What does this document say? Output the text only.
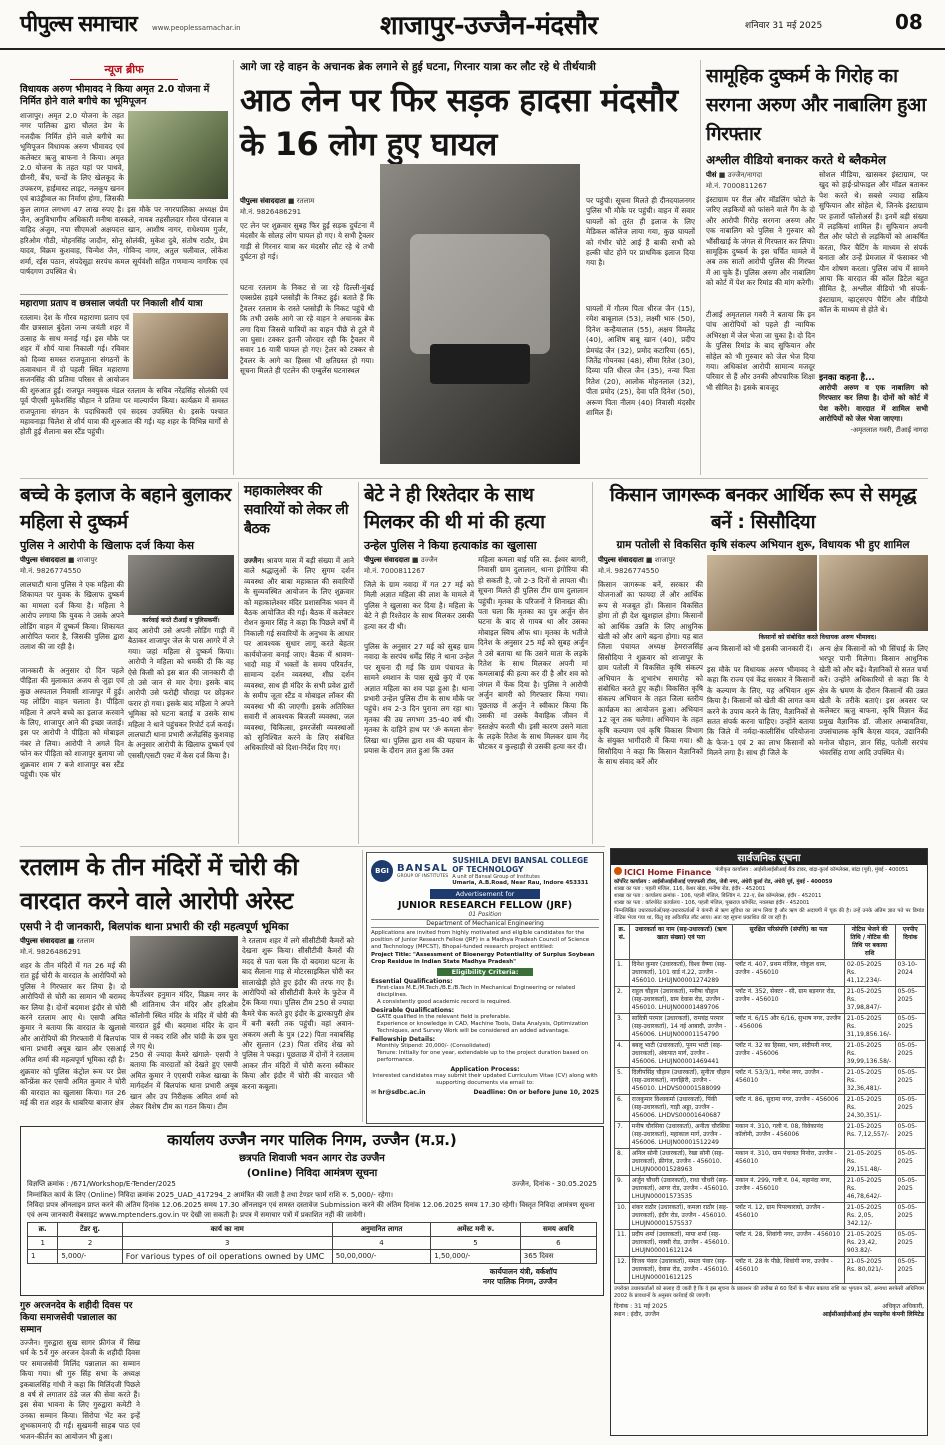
पीपुल्स समाचार www.peoplessamachar.in	शाजापुर-उज्जैन-मंदसौर	शनिवार 31 मई 2025	08
न्यूज ब्रीफ
विधायक अरुण भीमावद ने किया अमृत 2.0 योजना में निर्मित होने वाले बगीचे का भूमिपूजन
शाजापुर। अमृत 2.0 योजना के तहत नगर पालिका द्वारा चौलत डेम के नजदीक निर्मित होने वाले बगीचे का भूमिपूजन विधायक अरुण भीमावद एवं कलेक्टर ऋजु बाफना ने किया। अमृत 2.0 योजना के तहत यहां पर पाथवे, ग्रीनरी, बैंच, चन्दों के लिए खेलकूद के उपकरण, हाईमास्ट लाइट, नलकूप खनन एवं बाउंड्रीवाल का निर्माण होगा, जिसकी कुल लागत लगभग 47 लाख रुपए है। इस मौके पर नगरपालिका अध्यक्ष प्रेम जैन, अनुविभागीय अधिकारी मनीषा वास्कले, नायब तहसीलदार गौरव पोरवाल व वाहिद अंजुम, नपा सीएमओ अक्षयदत्त खान, आशीष नागर, राधेश्याम गुर्जर, हरिओम गौठी, मोहनसिंह जादौन, सोनू सोलंकी, मुकेश दुबे, संतोष राठौर, प्रेम यादव, विक्रम कुशवाह, चिन्मेश जैन, गोविन्द नागर, अतुल चलीवाल, लोकेश शर्मा, रईस पठान, संपदेसूद्रा सरपंच कमल सूर्यवंशी सहित गणमान्य नागरिक एवं पार्षदगण उपस्थित थे।
महाराणा प्रताप व छत्रसाल जयंती पर निकाली शौर्य यात्रा
रतलाम। देश के गौरव महाराणा प्रताप एवं वीर छत्रसाल बुंदेला जन्म जयंती शहर में उत्साह के साथ मनाई गई। इस मौके पर शहर में शौर्य यात्रा निकाली गई। रविवार को दिव्या समस्त राजपूताना संगठनों के तत्वावधान में दो पहली स्थित महाराणा सजनसिंह की प्रतिमा परिसर से आयोजन की शुरुआत हुई। राजपूत नवयुवक मंडल रतलाम के सचिव नरेंद्रसिंह सोलंकी एवं पूर्व पीएसी मुकेशसिंह चौहान ने प्रतिमा पर माल्यार्पण किया। कार्यक्रम में समस्त राजपूताना संगठन के पदाधिकारी एवं सदस्य उपस्थित थे। इसके पश्चात महावनाड़ा चिलेश से शौर्य यात्रा की शुरुआत की गई। यह शहर के विभिन्न मार्गों से होती हुई शैलाना बस स्टैंड पहुंची।
आगे जा रहे वाहन के अचानक ब्रेक लगाने से हुई घटना, गिरनार यात्रा कर लौट रहे थे तीर्थयात्री
आठ लेन पर फिर सड़क हादसा मंदसौर के 16 लोग हुए घायल
पीपुल्स संवाददाता ■ रतलाम
मो.नं. 9826486291
एट लेन पर शुक्रवार सुबह फिर हुई सड़क दुर्घटना में मंदसौर के सोलह लोग घायल हो गए। ये सभी ट्रैवलर गाड़ी से गिरनार यात्रा कर मंदसौर लौट रहे थे तभी दुर्घटना हो गई।
घटना रतलाम के निकट से जा रहे दिल्ली-मुंबई एक्सप्रेस हाइवे प्लसोड़ी के निकट हुई। बताते हैं कि ट्रैवलर रतलाम के रास्ते प्लसोड़ी के निकट पहुंचे थी कि तभी उसके आगे जा रहे वाहन ने अचानक ब्रेक लगा दिया जिससे यात्रियों का वाहन पीछे से टूले में जा घुसा। टक्कर इतनी जोरदार रही कि ट्रैवलर में सवार 16 यात्री घायल हो गए। ट्रेलर को टक्कर से ट्रैवलर के आगे का हिस्सा भी क्षतिग्रस्त हो गया। सूचना मिलते ही एटलेन की एम्बुलेंस घटनास्थल
पर पहुंची। सूचना मिलते ही दीनदयालनगर पुलिस भी मौके पर पहुंची। वाहन में सवार घायलों को तुरंत ही इलाज के लिए मेडिकल कॉलेज लाया गया, कुछ घायलों को गंभीर चोटे आई हैं बाकी सभी को हल्की चोट होने पर प्राथमिक इलाज दिया गया है।
घायलों में गौतम पिता धीरज जैन (15), रमेश बाबूलाल (53), लक्ष्मी भारु (50), दिनेश कन्हैयालाल (55), अक्षय विमलेंद्र (40), आशिष बाबू खान (40), प्रदीप प्रेमचंद्र जैन (32), प्रमोद कटारिया (65), जितेंद्र गोयनका (48), सीमा रितेश (30), दिव्या पति धीरज जैन (35), नन्या पिता रितेश (20), आलोक मोहनलाल (32), पीता प्रमोद (25), देवा पति दिनेश (50), अरूण पिता नीलम (40) निवासी मंदसौर शामिल हैं।
सामूहिक दुष्कर्म के गिरोह का सरगना अरुण और नाबालिग हुआ गिरफ्तार
अश्लील वीडियो बनाकर करते थे ब्लैकमेल
पीसं ■ उज्जैन/नागदा
मो.नं. 7000811267
इंस्टाग्राम पर रील और मॉडलिंग फोटो के जरिए लड़कियों को फांसने वाले गैंग के दो और आरोपी गिरोह सरगना अरुण और एक नाबालिग को पुलिस ने गुरुवार को भौंसीखाई के जंगल से गिरफ्तार कर लिया। सामूहिक दुष्कर्म के इस चर्चित मामले में अब तक सातों आरोपी पुलिस की गिरफ्त में आ चुके हैं। पुलिस अरुण और नाबालिग को कोर्ट में पेश कर रिमांड की मांग करेगी।
टीआई अमृतलाल गवरी ने बताया कि इन पांच आरोपियों को पहले ही न्यायिक अभिरक्षा में जेल भेजा जा चुका है। दो दिन के पुलिस रिमांड के बाद सुफियान और सोहेल को भी गुरुवार को जेल भेज दिया गया। अधिकांश आरोपी सामान्य मजदूर परिवार से हैं और उनकी औपचारिक शिक्षा भी सीमित है। इसके बावजूद
सोशल मीडिया, खासकर इंस्टाग्राम, पर खुद को हाई-प्रोफाइल और मॉडल बताकर पेश करते थे। सबसे ज्यादा सक्रिय सुफियान और सोहेल थे, जिनके इंस्टाग्राम पर हजारों फॉलोअर्स हैं। इनमें बड़ी संख्या में लड़कियां शामिल हैं। सुफियान अपनी रील और फोटो से लड़कियों को आकर्षित करता, फिर चैटिंग के माध्यम से संपर्क बनाता और उन्हें प्रेमजाल में फंसाकर भी यौन शोषण करता। पुलिस जांच में सामने आया कि वारदात की कॉल डिटेल बहुत सीमित है, अश्लील वीडियो भी संपर्क-इंस्टाग्राम, व्हाट्सएप चैटिंग और वीडियो कॉल के माध्यम से होते थे।
इनका कहना है...
आरोपी अरुण व एक नाबालिग को गिरफ्तार कर लिया है। दोनों को कोर्ट में पेश करेंगे। वारदात में शामिल सभी आरोपियों को जेल भेजा जाएगा।
-अमृतलाल गवरी, टीआई नागदा
बच्चे के इलाज के बहाने बुलाकर महिला से दुष्कर्म
पुलिस ने आरोपी के खिलाफ दर्ज किया केस
पीपुल्स संवाददाता ■ शाजापुर
मो.नं. 9826774550
लालघाटी थाना पुलिस ने एक महिला की शिकायत पर युवक के खिलाफ दुष्कर्म का मामला दर्ज किया है। महिला ने आरोप लगाया कि युवक ने उसके अपने लोडिंग वाहन में दुष्कर्म किया। शिकायत आरोपित फरार है, जिसकी पुलिस द्वारा तलाश की जा रही है।
जानकारी के अनुसार दो दिन पहले पीड़िता की मुलाकात अजय से जुड़ा एवं कुछ अस्पताल निवासी शाजापुर में हुई। यह लोडिंग वाहन चलाता है। पीड़िता महिला ने अपने बच्चे का इलाज करवाने के लिए, शाजापुर आने की इच्छा जताई। इस पर आरोपी ने पीड़िता को मोबाइल नंबर ले लिया। आरोपी ने अगले दिन फोन कर पीड़िता को शाजापुर बुलाया जो शुक्रवार शाम 7 बजे शाजापुर बस स्टैंड पहुंची। एक चोर
कार्रवाई करते टीआई व पुलिसकर्मी।
बाद आरोपी उसे अपनी लोडिंग गाड़ी में बैठाकर शाजापुर जेल के पास आगरे में ले गया। जहां महिला से दुष्कर्म किया। आरोपी ने महिला को धमकी दी कि वह ऐसे किसी को इस बात की जानकारी दी तो उसे जान से मार देगा। इसके बाद आरोपी उसे फरोद्दी चौराहा पर छोड़कर फरार हो गया। इसके बाद महिला ने अपने भूमिका को घटना बताई व उसके साथ महिला ने थाने पहुंचकर रिपोर्ट दर्ज कराई। लालघाटी थाना प्रभारी अजेंद्रसिंह कुशवाह के अनुसार आरोपी के खिलाफ दुष्कर्म एवं एससी/एसटी एक्ट में केस दर्ज किया है।
महाकालेश्वर की सवारियों को लेकर ली बैठक
उज्जैन। श्रावण मास में बड़ी संख्या में आने वाले श्रद्धालुओं के लिए सुगम दर्शन व्यवस्था और बाबा महाकाल की सवारियों के सुव्यवस्थित आयोजन के लिए शुक्रवार को महाकालेश्वर मंदिर प्रशासनिक भवन में बैठक आयोजित की गई। बैठक में कलेक्टर रोशन कुमार सिंह ने कहा कि पिछले वर्षों में निकाली गई सवारियों के अनुभव के आधार पर आवश्यक सुधार लागू करते बेहतर कार्ययोजना बनाई जाए। बैठक में श्रावण-भादौ माह में भक्तों के समय परिवर्तन, सामान्य दर्शन व्यवस्था, शीघ्र दर्शन व्यवस्था, साथ ही मंदिर के सभी प्रवेश द्वारों के समीप जूता स्टैंड व मोबाइल लॉकर की व्यवस्था भी की जाएगी। इसके अतिरिक्त सवारी में आवश्यक बिजली व्यवस्था, जल व्यवस्था, चिकित्सा, इमरजेंसी व्यवस्थाओं को सुनिश्चित करने के लिए संबंधित अधिकारियों को दिशा-निर्देश दिए गए।
बेटे ने ही रिश्तेदार के साथ मिलकर की थी मां की हत्या
उन्हेल पुलिस ने किया हत्याकांड का खुलासा
पीपुल्स संवाददाता ■ उज्जैन
मो.नं. 7000811267
जिले के ग्राम नवादा में गत 27 मई को मिली अज्ञात महिला की लाश के मामले में पुलिस ने खुलासा कर दिया है। महिला के बेटे ने ही रिश्तेदार के साथ मिलकर उसकी हत्या कर दी थी।
पुलिस के अनुसार 27 मई को सुबह ग्राम नवादा के सरपंच धर्मेंद्र सिंह ने थाना उन्हेल पर सूचना दी गई कि ग्राम पंचायत के सामने श्मशान के पास सूखे कुएं में एक अज्ञात महिला का शव पड़ा हुआ है। थाना प्रभारी उन्हेल पुलिस टीम के साथ मौके पर पहुंचे। शव 2-3 दिन पुराना लग रहा था। मृतका की उम्र लगभग 35-40 वर्ष थी। मृतका के दाहिने हाथ पर 'ॐ कमला सेन' लिखा था। पुलिस द्वारा शव की पहचान के प्रयास के दौरान ज्ञात हुआ कि उक्त
महिला कमला बाई पति स्व. ईश्वर बागरी, निवासी ग्राम दुलालान, थाना इंगोरिया की हो सकती है, जो 2-3 दिनों से लापता थी। सूचना मिलते ही पुलिस टीम ग्राम दुलालान पहुंची। मृतका के परिजनों ने शिनाख्त की। पता चला कि मृतका का पुत्र अर्जुन सेन घटना के बाद से गायब था और उसका मोबाइल स्विच ऑफ था। मृतका के भतीजे दिनेश के अनुसार 25 मई को सुबह अर्जुन ने उसे बताया था कि उसने माता के लड़के रितेश के साथ मिलकर अपनी मां कमलाबाई की हत्या कर दी है और शव को जंगल में फेंक दिया है। पुलिस ने आरोपी अर्जुन बागरी को गिरफ्तार किया गया। पूछताछ में अर्जुन ने स्वीकार किया कि उसकी मां उसके वैवाहिक जीवन में हस्तक्षेप करती थी। इसी कारण उसने माता के लड़के रितेश के साथ मिलकर ग्राम गेंद चौटकर व कुल्हाड़ी से उसकी हत्या कर दी।
किसान जागरूक बनकर आर्थिक रूप से समृद्ध बनें : सिसौदिया
ग्राम पतोली से विकसित कृषि संकल्प अभियान शुरू, विधायक भी हुए शामिल
पीपुल्स संवाददाता ■ शाजापुर
मो.नं. 9826774550
किसान जागरूक बनें, सरकार की योजनाओं का फायदा लें और आर्थिक रूप से मजबूत हों। किसान विकसित होगा तो ही देश खुशहाल होगा। किसानों को आर्थिक उन्नति के लिए आधुनिक खेती को और आगे बढ़ना होगा। यह बात जिला पंचायत अध्यक्ष हेमराजसिंह सिसौदिया ने शुक्रवार को शाजापुर के ग्राम पतोली में विकसित कृषि संकल्प अभियान के शुभारंभ समारोह को संबोधित करते हुए कही। विकसित कृषि संकल्प अभियान के तहत जिला स्तरीय कार्यक्रम का आयोजन हुआ। अभियान 12 जून तक चलेगा। अभियान के तहत कृषि कल्याण एवं कृषि विकास विभाग के संयुक्त भागीदारी में किया गया। श्री सिसौदिया ने कहा कि किसान वैज्ञानिकों के साथ संवाद करें और
किसानों को संबोधित करते विधायक अरुण भीमावद।
अन्य किसानों को भी इसकी जानकारी दें।
इस मौके पर विधायक अरुण भीमावद ने कहा कि राज्य एवं केंद्र सरकार ने किसानों के कल्याण के लिए, यह अभियान शुरू किया है। किसानों को खेती की लागत कम करने के उपाय करने के लिए, वैज्ञानिकों से सतत संपर्क करना चाहिए। उन्होंने बताया कि जिले में नर्मदा-कालीसिंध परियोजना के फेज-1 एवं 2 का लाभ किसानों को मिलने लगा है। साथ ही जिले के
अन्य क्षेत्र किसानों को भी सिंचाई के लिए भरपूर पानी मिलेगा। किसान आधुनिक खेती को और बढ़ें। वैज्ञानिकों से सतत चर्चा करें। उन्होंने अधिकारियों से कहा कि ये क्षेत्र के भ्रमण के दौरान किसानों की उन्नत खेती के तरीके बताएं। इस अवसर पर कलेक्टर ऋजु बाफना, कृषि विज्ञान केंद्र प्रमुख वैज्ञानिक डॉ. जीआर अम्बावतिया, उपसंचालक कृषि केएस यादव, उद्यानिकी मनोज चौहान, ज्ञान सिंह, पतोली सरपंच भंवरसिंह राणा आदि उपस्थित थे।
रतलाम के तीन मंदिरों में चोरी की वारदात करने वाले आरोपी अरेस्ट
एसपी ने दी जानकारी, बिलपांक थाना प्रभारी की रही महत्वपूर्ण भूमिका
पीपुल्स संवाददाता ■ रतलाम
मो.नं. 9826486291
शहर के तीन मंदिरों में गत 26 मई की रात हुई चोरी के वारदात के आरोपियों को पुलिस ने गिरफ्तार कर लिया है। दो आरोपियों से चोरी का सामान भी बरामद कर लिया है। दोनों बदमाश इंदौर से चोरी करने रतलाम आए थे। एसपी अमित कुमार ने बताया कि वारदात के खुलासे और आरोपियों की गिरफ्तारी में बिलपांक थाना प्रभारी अयूब खान और एसआई अमित शर्मा की महत्वपूर्ण भूमिका रही है।
शुक्रवार को पुलिस कंट्रोल रूम पर प्रेस कॉन्फ्रेंस कर एसपी अमित कुमार ने चोरी की वारदात का खुलासा किया। गत 26 मई की रात शहर के धाबरिया बाजार क्षेत्र
केपर्तेश्वर हनुमान मंदिर, विक्रम नगर के श्री शांतिनाथ जैन मंदिर और हरिओम कॉलोनी स्थित मंदिर के मंदिर में चोरी की वारदात हुई थी। बदमाश मंदिर के दान पात्र से नकद राशि और चांदी के छत्र चुरा ले गए थे।
250 से ज्यादा कैमरे खंगाले- एसपी ने बताया कि वारदातों को देखते हुए एसपी अमित कुमार ने एएसपी राकेश खाखा के मार्गदर्शन में बिलपांक थाना प्रभारी अयूब खान और उप निरीक्षक अमित शर्मा को लेकर विशेष टीम का गठन किया। टीम
ने रतलाम शहर में लगे सीसीटीवी कैमरों को देखना शुरू किया। सीसीटीवी कैमरों की मदद से पता चला कि दो बदमाश घटना के बाद सैलाना गाड़ से मोटरसाइकिल चोरी कर सालाखेड़ी होते हुए इंदौर की तरफ गए हैं। आरोपियों को सीसीटीवी कैमरे के फुटेज में ट्रैक किया गया। पुलिस टीम 250 से ज्यादा कैमरे चेक करते हुए इंदौर के द्वारकापुरी क्षेत्र में बनी बस्ती तक पहुंची। वहां अवान-अकरम अली के पुत्र (22) पिता नवाबसिंह और सुल्तान (23) पिता रशिद शेख को पुलिस ने पकड़ा। पूछताछ में दोनों ने रतलाम आकर तीन मंदिरों में चोरी करना स्वीकार किया और इंदौर में चोरी की वारदात भी करना कबूला।
BGI BANSAL
GROUP OF INSTITUTES
SUSHILA DEVI BANSAL COLLEGE OF TECHNOLOGY
A unit of Bansal Group of Institutes
Umaria, A.B.Road, Near Rau, Indore 453331
Advertisement for
JUNIOR RESEARCH FELLOW (JRF)
01 Position
Department of Mechanical Engineering
Applications are invited from highly motivated and eligible candidates for the position of Junior Research Fellow (JRF) in a Madhya Pradesh Council of Science and Technology (MPCST), Bhopal-funded research project entitled:
Project Title: "Assessment of Bioenergy Potentiality of Surplus Soybean Crop Residue in Indian State Madhya Pradesh"
Eligibility Criteria:
Essential Qualifications:
First-class M.E./M.Tech./B.E./B.Tech in Mechanical Engineering or related disciplines.
A consistently good academic record is required.
Desirable Qualifications:
GATE qualified in the relevant field is preferable.
Experience or knowledge in CAD, Machine Tools, Data Analysis, Optimization Techniques, and Survey Work will be considered an added advantage.
Fellowship Details:
Monthly Stipend: 20,000/- (Consolidated)
Tenure: Initially for one year, extendable up to the project duration based on performance.
Application Process:
Interested candidates may submit their updated Curriculum Vitae (CV) along with supporting documents via email to:
✉ hr@sdbc.ac.in	Deadline: On or before June 10, 2025
कार्यालय उज्जैन नगर पालिक निगम, उज्जैन (म.प्र.)
छत्रपति शिवाजी भवन आगर रोड उज्जैन
(Online) निविदा आमंत्रण सूचना
विज्ञप्ति क्रमांक : /671/Workshop/E-Tender/2025	उज्जैन, दिनांक - 30.05.2025
निम्नांकित कार्य के लिए (Online) निविदा क्रमांक 2025_UAD_417294_2 आमंत्रित की जाती है तथा टेण्डर फार्म राशि रु. 5,000/- रहेगा।
निविदा प्रपत्र ऑनलाइन प्राप्त करने की अंतिम दिनांक 12.06.2025 समय 17.30 ऑनलाइन एवं समस्त दस्तावेज Submission करने की अंतिम दिनांक 12.06.2025 समय 17.30 रहेगी। विस्तृत निविदा आमंत्रण सूचना एवं अन्य जानकारी वेबसाइट www.mptenders.gov.in पर देखी जा सकती है। प्रपत्र में समाचार पत्रों में प्रकाशित नहीं की जायेगी।
क्र.	टेंडर शु.	कार्य का नाम	अनुमानित लागत	अमेंस्ट मनी रु.	समय अवधि
1	2	3	4	5	6
1	5,000/-	For various types of oil operations owned by UMC	50,00,000/-	1,50,000/-	365 दिवस
कार्यपालन यंत्री, वर्कशॉप
नगर पालिक निगम, उज्जैन
गुरु अरजनदेव के शहीदी दिवस पर किया समाजसेवी पन्नालाल का सम्मान
उज्जैन। गुरुद्वारा सुख सागर फ्रीगंज में सिख धर्म के 5वें गुरु अरजन देवजी के शहीदी दिवस पर समाजसेवी मिलिंद पन्नालाल का सम्मान किया गया। श्री गुरु सिंह सभा के अध्यक्ष इकबालसिंह गांधी ने कहा कि मिलिंदजी पिछले 8 वर्ष से लगातार ठंडे जल की सेवा करते हैं। इस सेवा भावना के लिए गुरुद्वारा कमेटी ने उनका सम्मान किया। सिरोपा भेंट कर इन्हें शुभकामनाएं दी गईं। सुखमनी साहब पाठ एवं भजन-कीर्तन का आयोजन भी हुआ।
सार्वजनिक सूचना
ICICI Home Finance पंजीकृत कार्यालय : आईसीआईसीआई बैंक टावर, बांद्रा-कुर्ला कॉम्प्लेक्स, बांद्रा (पूर्व), मुंबई - 400051
कॉर्पोरेट कार्यालय : आईसीआईसीआई एचएफसी टॉवर, जेबी नगर, अंधेरी कुर्ला रोड, अंधेरी पूर्व, मुंबई - 400059
शाखा का पता : पहली मंजिल, 116, केशर खेड़ा, मनीषा रोड, इंदौर - 452001
शाखा का पता : कार्यालय क्रमांक - 106, पहली मंजिल, बिल्डिंग नं. 22-ए, प्रेस कॉम्प्लेक्स, इंदौर - 452011
शाखा का पता : कॉरपोरेट कार्यालय - 106, पहली मंजिल, पुखराज कॉर्पोरेट, नवलखा इंदौर - 452001
निम्नलिखित उधारकर्ताओं/सह-उधारकर्ताओं ने कंपनी से ऋण सुविधा का लाभ लिया है और ऋण की अदायगी में चूक की है। उन्हें उनके अंतिम ज्ञात पते पर डिमांड नोटिस भेजा गया था, किंतु वह अवितरित लौट आया। अतः यह सूचना प्रकाशित की जा रही है।
क्र. सं.	उधारकर्ता का नाम (सह-उधारकर्ता) (ऋण खाता संख्या) एवं पता	सुरक्षित परिसंपत्ति (संपत्ति) का पता	नोटिस भेजने की तिथि / नोटिस की तिथि पर बकाया राशि	एनपीए दिनांक
1.	दिनेश कुमार (उधारकर्ता), विश्व वैष्णा (सह-उधारकर्ता), 101 वार्ड नं.22, उज्जैन - 456010. LHUJN00001274289	प्लॉट नं. 407, प्रथम मंजिल, गोकुल धाम, उज्जैन - 456010	02-05-2025 Rs. 41,12,234/-	03-10-2024
2.	राहुल चौहान (उधारकर्ता), मनीषा चौहान (सह-उधारकर्ता), ग्राम देवास रोड, उज्जैन - 456010. LHUJN00001489706	प्लॉट नं. 352, सेक्टर - सी, ग्राम बड़नगर रोड, उज्जैन - 456010	21-05-2025 Rs. 37,98,847/-	05-05-2025
3.	सावित्री परमार (उधारकर्ता), रामचंद्र परमार (सह-उधारकर्ता), 14 नई आबादी, उज्जैन - 456006. LHUJN00001154790	प्लॉट नं. 6/15 और 6/16, सुभाष नगर, उज्जैन - 456006	21-05-2025 Rs. 31,19,856.16/-	05-05-2025
4.	बबलू भाटी (उधारकर्ता), पूनम भाटी (सह-उधारकर्ता), अंकपात मार्ग, उज्जैन - 456006. LHUJN00001469441	प्लॉट नं. 32 का हिस्सा, भाग, संदीपनी नगर, उज्जैन - 456006	21-05-2025 Rs. 39,99,136.58/-	05-05-2025
5.	दिलीपसिंह चौहान (उधारकर्ता), सुनीता चौहान (सह-उधारकर्ता), नागझिरी, उज्जैन - 456010. LHDVS00001588099	प्लॉट नं. 53/3/1, गणेश नगर, उज्जैन - 456010	21-05-2025 Rs. 32,36,481/-	05-05-2025
6.	राजकुमार विश्वकर्मा (उधारकर्ता), पिंकी (सह-उधारकर्ता), गाड़ी अड्डा, उज्जैन - 456006. LHDVS00001640687	प्लॉट नं. 86, सुदामा नगर, उज्जैन - 456006	21-05-2025 Rs. 24,30,351/-	05-05-2025
7.	मनीष चौरसिया (उधारकर्ता), अनीता चौरसिया (सह-उधारकर्ता), महाकाल मार्ग, उज्जैन - 456006. LHUJN00001512249	मकान नं. 310, गली नं. 08, विवेकानंद कॉलोनी, उज्जैन - 456006	21-05-2025 Rs. 7,12,557/-	05-05-2025
8.	अनिल सोनी (उधारकर्ता), रेखा सोनी (सह-उधारकर्ता), फ्रीगंज, उज्जैन - 456010. LHUJN00001528963	मकान नं. 310, ग्राम पंचायत निनोरा, उज्जैन - 456010	21-05-2025 Rs. 29,151.48/-	05-05-2025
9.	अर्जुन चौधरी (उधारकर्ता), राधा चौधरी (सह-उधारकर्ता), आगर रोड, उज्जैन - 456010. LHUJN00001573535	मकान नं. 299, गली नं. 04, महानंदा नगर, उज्जैन - 456010	21-05-2025 Rs. 46,78,642/-	05-05-2025
10.	शंकर राठौर (उधारकर्ता), कमला राठौर (सह-उधारकर्ता), इंदौर रोड, उज्जैन - 456010. LHUJN00001575537	प्लॉट नं. 12, ग्राम पिपल्याराघो, उज्जैन - 456010	21-05-2025 Rs. 2,05, 342.12/-	05-05-2025
11.	प्रदीप शर्मा (उधारकर्ता), माया शर्मा (सह-उधारकर्ता), मक्सी रोड, उज्जैन - 456010. LHUJN00001612124	प्लॉट नं. 28, शिवांगी नगर, उज्जैन - 456010	21-05-2025 Rs. 23,42, 903.82/-	05-05-2025
12.	विजय पंवार (उधारकर्ता), ममता पंवार (सह-उधारकर्ता), देवास रोड, उज्जैन - 456010. LHUJN00001612125	प्लॉट नं. 28 के पीछे, शिवांगी नगर, उज्जैन - 456010	21-05-2025 Rs. 80,021/-	05-05-2025
उपरोक्त उधारकर्ताओं को सलाह दी जाती है कि वे इस सूचना के प्रकाशन की तारीख से 60 दिनों के भीतर बकाया राशि का भुगतान करें, अन्यथा सरफेसी अधिनियम 2002 के प्रावधानों के अनुसार कार्रवाई की जाएगी।
दिनांक : 31 मई 2025
स्थान : इंदौर, उज्जैन
अधिकृत अधिकारी,
आईसीआईसीआई होम फाइनेंस कंपनी लिमिटेड
